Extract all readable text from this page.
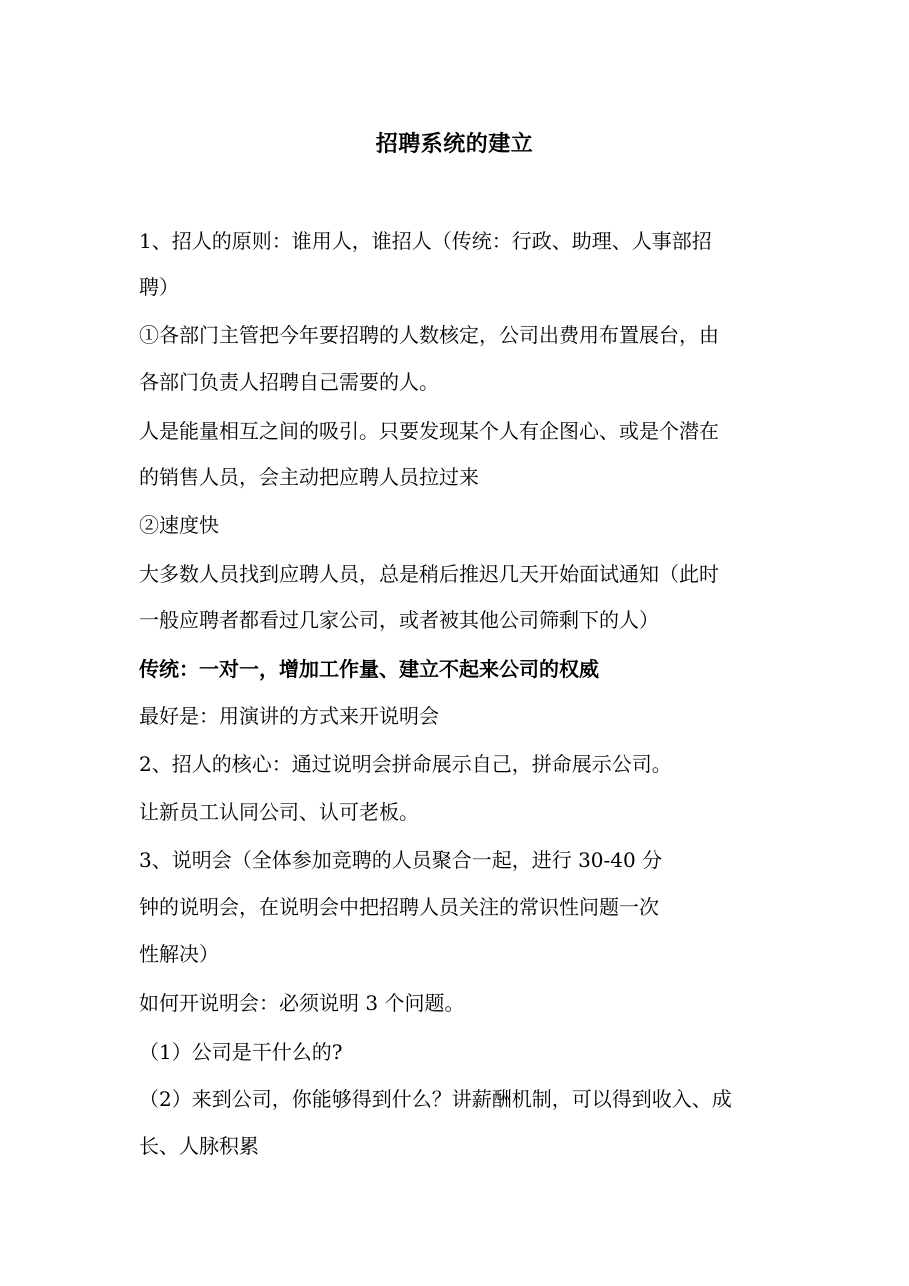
招聘系统的建立
1、招人的原则：谁用人，谁招人（传统：行政、助理、人事部招
聘）
①各部门主管把今年要招聘的人数核定，公司出费用布置展台，由
各部门负责人招聘自己需要的人。
人是能量相互之间的吸引。只要发现某个人有企图心、或是个潜在
的销售人员，会主动把应聘人员拉过来
②速度快
大多数人员找到应聘人员，总是稍后推迟几天开始面试通知（此时
一般应聘者都看过几家公司，或者被其他公司筛剩下的人）
传统：一对一，增加工作量、建立不起来公司的权威
最好是：用演讲的方式来开说明会
2、招人的核心：通过说明会拼命展示自己，拼命展示公司。
让新员工认同公司、认可老板。
3、说明会（全体参加竞聘的人员聚合一起，进行 30-40 分
钟的说明会，在说明会中把招聘人员关注的常识性问题一次
性解决）
如何开说明会：必须说明 3 个问题。
（1）公司是干什么的?
（2）来到公司，你能够得到什么？讲薪酬机制，可以得到收入、成
长、人脉积累
